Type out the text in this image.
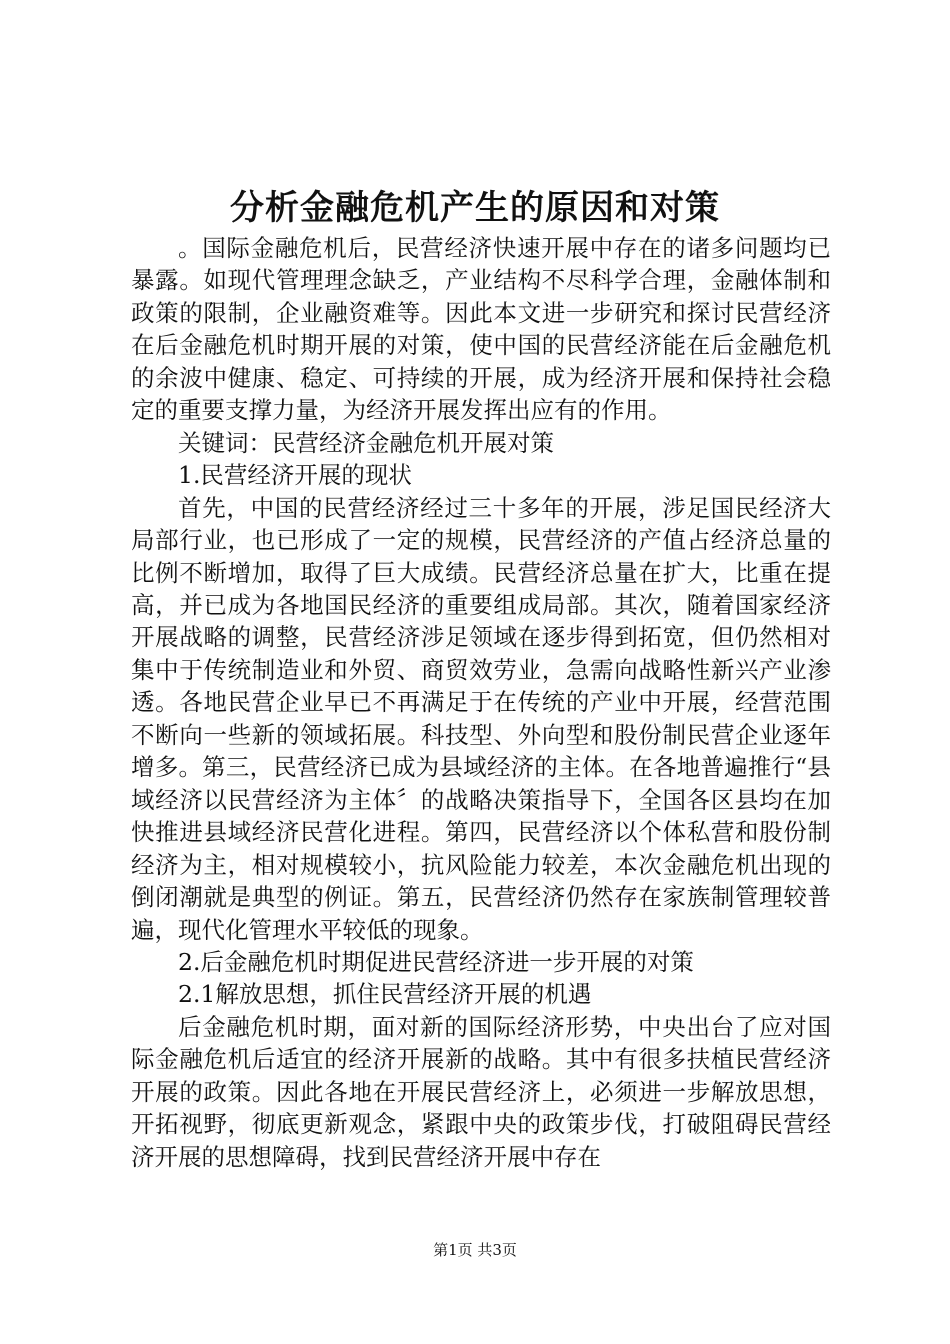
分析金融危机产生的原因和对策

。国际金融危机后，民营经济快速开展中存在的诸多问题均已暴露。如现代管理理念缺乏，产业结构不尽科学合理，金融体制和政策的限制，企业融资难等。因此本文进一步研究和探讨民营经济在后金融危机时期开展的对策，使中国的民营经济能在后金融危机的余波中健康、稳定、可持续的开展，成为经济开展和保持社会稳定的重要支撑力量，为经济开展发挥出应有的作用。

关键词：民营经济金融危机开展对策

1.民营经济开展的现状

首先，中国的民营经济经过三十多年的开展，涉足国民经济大局部行业，也已形成了一定的规模，民营经济的产值占经济总量的比例不断增加，取得了巨大成绩。民营经济总量在扩大，比重在提高，并已成为各地国民经济的重要组成局部。其次，随着国家经济开展战略的调整，民营经济涉足领域在逐步得到拓宽，但仍然相对集中于传统制造业和外贸、商贸效劳业，急需向战略性新兴产业渗透。各地民营企业早已不再满足于在传统的产业中开展，经营范围不断向一些新的领域拓展。科技型、外向型和股份制民营企业逐年增多。第三，民营经济已成为县域经济的主体。在各地普遍推行“县域经济以民营经济为主体〞的战略决策指导下，全国各区县均在加快推进县域经济民营化进程。第四，民营经济以个体私营和股份制经济为主，相对规模较小，抗风险能力较差，本次金融危机出现的倒闭潮就是典型的例证。第五，民营经济仍然存在家族制管理较普遍，现代化管理水平较低的现象。

2.后金融危机时期促进民营经济进一步开展的对策

2.1解放思想，抓住民营经济开展的机遇

后金融危机时期，面对新的国际经济形势，中央出台了应对国际金融危机后适宜的经济开展新的战略。其中有很多扶植民营经济开展的政策。因此各地在开展民营经济上，必须进一步解放思想，开拓视野，彻底更新观念，紧跟中央的政策步伐，打破阻碍民营经济开展的思想障碍，找到民营经济开展中存在

第1页 共3页
